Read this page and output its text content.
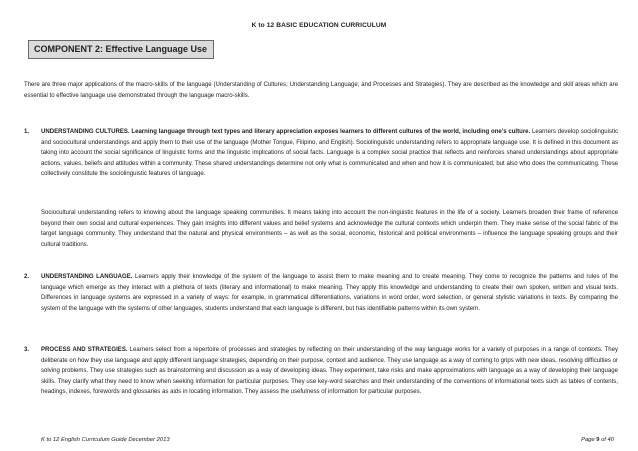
K to 12 BASIC EDUCATION CURRICULUM
COMPONENT 2: Effective Language Use
There are three major applications of the macro-skills of the language (Understanding of Cultures; Understanding Language; and Processes and Strategies). They are described as the knowledge and skill areas which are essential to effective language use demonstrated through the language macro-skills.
1. UNDERSTANDING CULTURES. Learning language through text types and literary appreciation exposes learners to different cultures of the world, including one’s culture. Learners develop sociolinguistic and sociocultural understandings and apply them to their use of the language (Mother Tongue, Filipino, and English). Sociolinguistic understanding refers to appropriate language use. It is defined in this document as taking into account the social significance of linguistic forms and the linguistic implications of social facts. Language is a complex social practice that reflects and reinforces shared understandings about appropriate actions, values, beliefs and attitudes within a community. These shared understandings determine not only what is communicated and when and how it is communicated, but also who does the communicating. These collectively constitute the sociolinguistic features of language.
Sociocultural understanding refers to knowing about the language speaking communities. It means taking into account the non-linguistic features in the life of a society. Learners broaden their frame of reference beyond their own social and cultural experiences. They gain insights into different values and belief systems and acknowledge the cultural contexts which underpin them. They make sense of the social fabric of the target language community. They understand that the natural and physical environments – as well as the social, economic, historical and political environments – influence the language speaking groups and their cultural traditions.
2. UNDERSTANDING LANGUAGE. Learners apply their knowledge of the system of the language to assist them to make meaning and to create meaning. They come to recognize the patterns and rules of the language which emerge as they interact with a plethora of texts (literary and informational) to make meaning. They apply this knowledge and understanding to create their own spoken, written and visual texts. Differences in language systems are expressed in a variety of ways: for example, in grammatical differentiations, variations in word order, word selection, or general stylistic variations in texts. By comparing the system of the language with the systems of other languages, students understand that each language is different, but has identifiable patterns within its own system.
3. PROCESS AND STRATEGIES. Learners select from a repertoire of processes and strategies by reflecting on their understanding of the way language works for a variety of purposes in a range of contexts. They deliberate on how they use language and apply different language strategies, depending on their purpose, context and audience. They use language as a way of coming to grips with new ideas, resolving difficulties or solving problems. They use strategies such as brainstorming and discussion as a way of developing ideas. They experiment, take risks and make approximations with language as a way of developing their language skills. They clarify what they need to know when seeking information for particular purposes. They use key-word searches and their understanding of the conventions of informational texts such as tables of contents, headings, indexes, forewords and glossaries as aids in locating information. They assess the usefulness of information for particular purposes.
K to 12 English Curriculum Guide December 2013	Page 9 of 40
